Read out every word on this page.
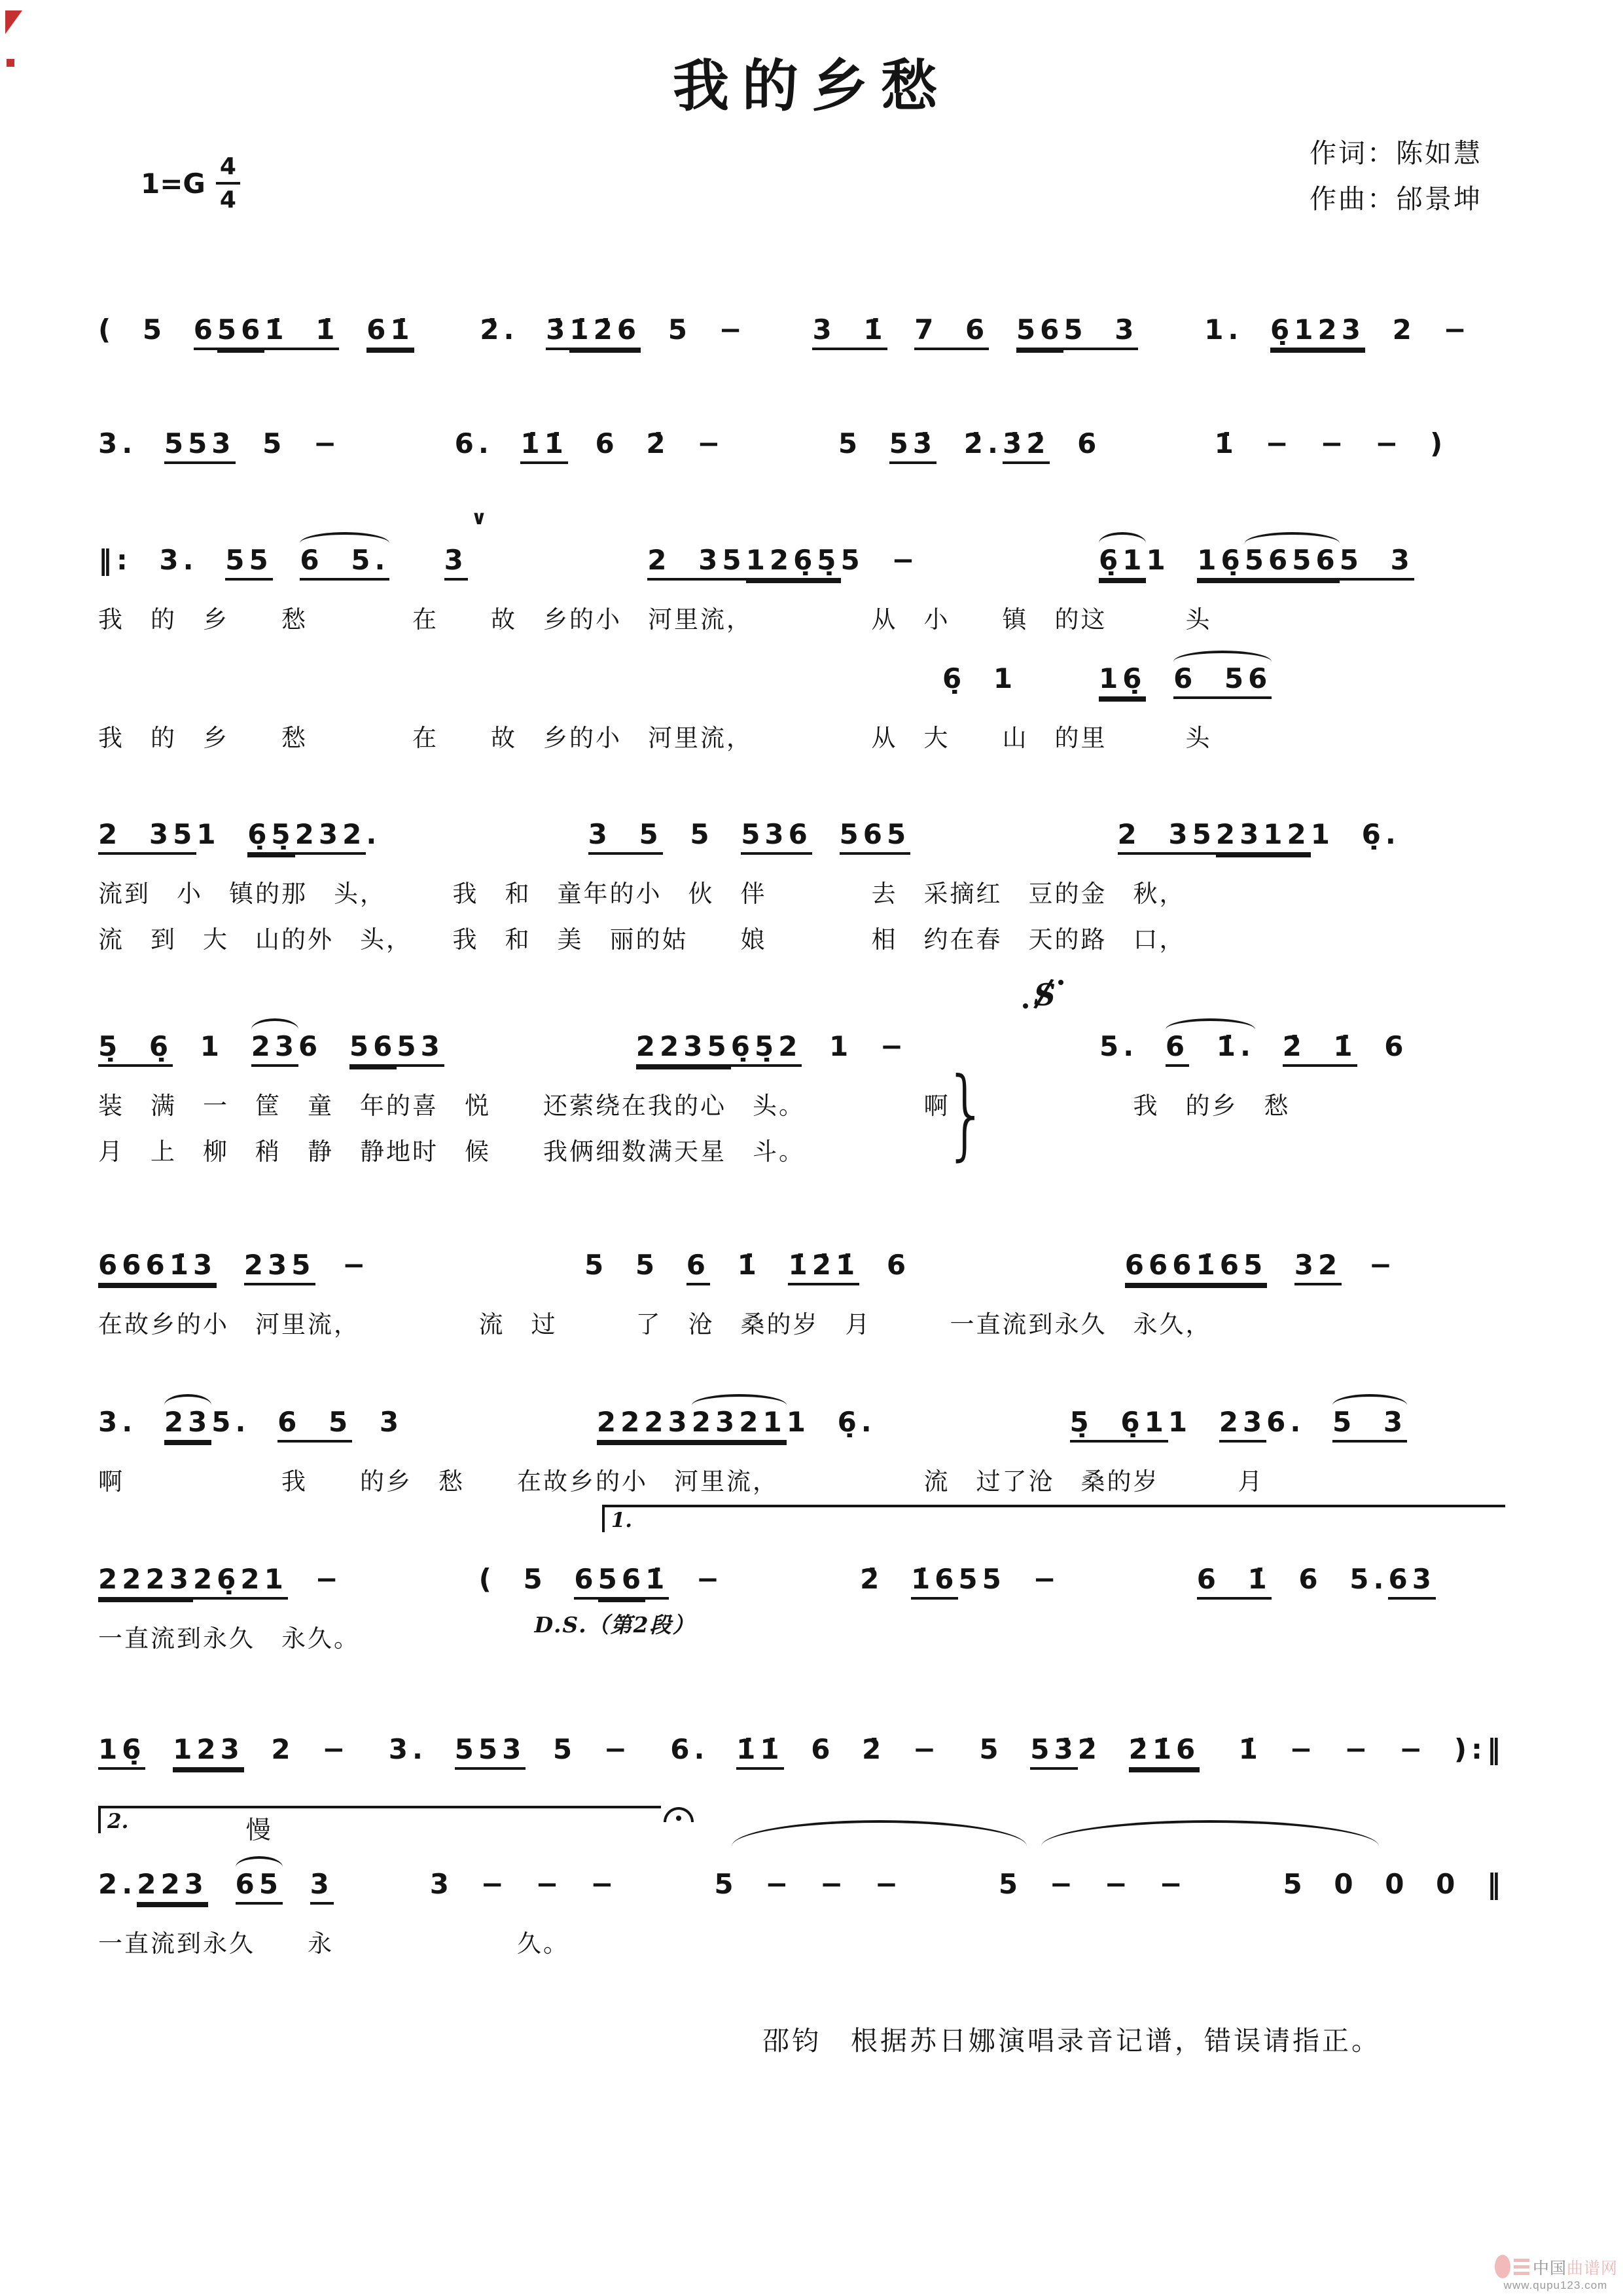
我的乡愁
$1=G \frac{4}{4}$	作词：陈如慧
作曲：邰景坤
( 5 6561 1 61 2. 3126 5 − 3 1 7 6 565 3 1. 6123 2 −
3. 553 5 −	6. 11 6 2 −	5 53 2.32 6	1 − − − )
‖: 3. 55 6 5. 3	2 3512655 −	611 1656565 3
∨
我　的　乡　　愁　　　　在　　故　乡的小　河里流，　　　　　从　小　　镇　的这　　　头
6 1	16 6 56
我　的　乡　　愁　　　　在　　故　乡的小　河里流，　　　　　从　大　　山　的里　　　头
2 351 65232.	3 5 5 536 565	2 3523121 6.
流到　小　镇的那　头，　　　我　和　童年的小　伙　伴　　　　去　采摘红　豆的金　秋，
流　到　大　山的外　头，　　我　和　美　丽的姑　　娘　　　　相　约在春　天的路　口，
5 6 1 236 5653	2235652 1 −	5. 6 1. 2 1 6
/ S
}
装　满　一　筐　童　年的喜　悦　　还萦绕在我的心　头。　　　　　啊　　　　　　　我　的乡　愁
月　上　柳　稍　静　静地时　候　　我俩细数满天星　斗。
66613 235 −	5 5 6 1 121 6	666165 32 −
在故乡的小　河里流，　　　　　流　过　　　了　沧　桑的岁　月　　　一直流到永久　永久，
3. 235. 6 5 3	222323211 6.	5 611 236. 5 3
啊　　　　　　我　　的乡　愁　　在故乡的小　河里流，　　　　　　流　过了沧　桑的岁　　　月
22232621 −	( 5 6561 −	2 1655 −	6 1 6 5.63
1.
D.S.（第2段）
一直流到永久　永久。
16 123 2 − 3. 553 5 − 6. 11 6 2 − 5 532 216 1 − − − ):‖
2.223 65 3	3 − − −	5 − − −	5 − − −	5 0 0 0 ‖
2.	慢
一直流到永久　　永　　　　　　　久。
邵钧　根据苏日娜演唱录音记谱，错误请指正。
中国曲谱网
www.qupu123.com
